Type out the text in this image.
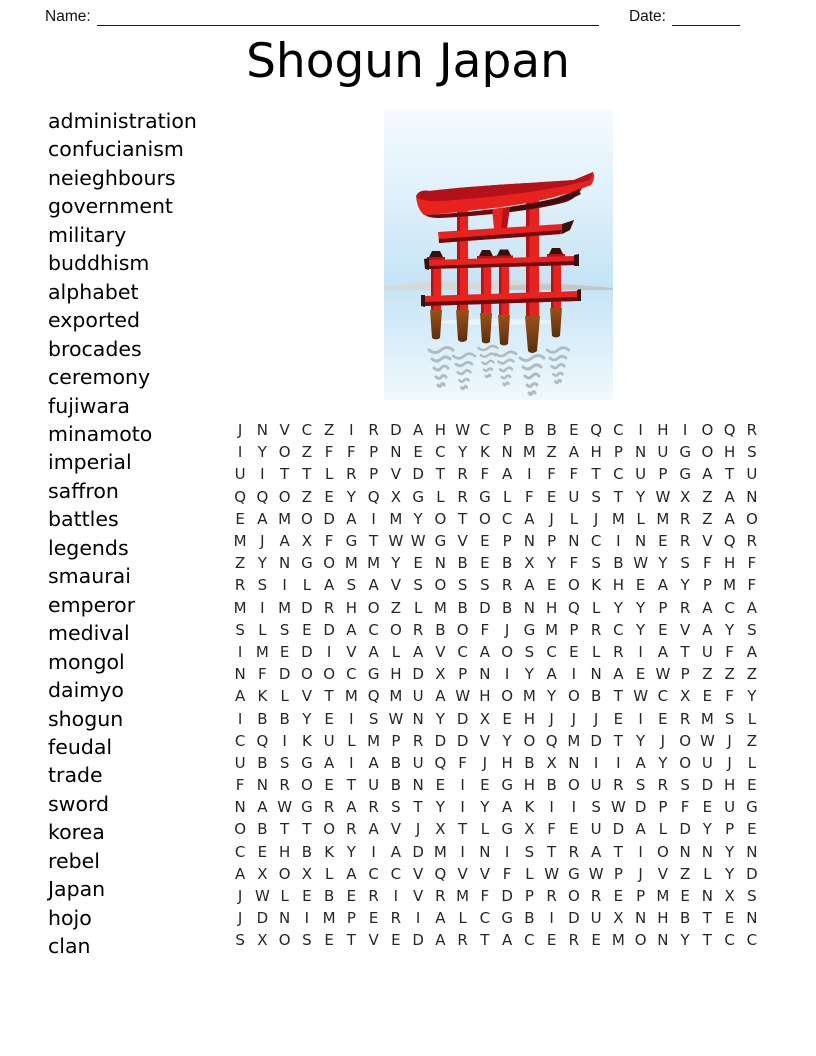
Name:	Date:
Shogun Japan
administration
confucianism
neieghbours
government
military
buddhism
alphabet
exported
brocades
ceremony
fujiwara
minamoto
imperial
saffron
battles
legends
smaurai
emperor
medival
mongol
daimyo
shogun
feudal
trade
sword
korea
rebel
Japan
hojo
clan
J N V C Z I R D A H W C P B B E Q C I H I O Q R
I	Y O Z F F P N E C Y K N M Z A H P N U G O H S
U I	T T L R P V D T R F A I	F F T C U P G A T U
Q Q O Z E Y Q X G L R G L F E U S T Y W X Z A N
E A M O D A I M Y O T O C A J	L	J M L M R Z A O
M J A X F G T W W G V E P N P N C I N E R V Q R
Z Y N G O M M Y E N B E B X Y F S B W Y S F H F
R S	I	L A S A V S O S S R A E O K H E A Y P M F
M I M D R H O Z L M B D B N H Q L Y Y P R A C A
S L S E D A C O R B O F	J G M P R C Y E V A Y S
I M E D I V A L A V C A O S C E L R I A T U F A
N F D O O C G H D X P N I	Y A I N A E W P Z Z Z
A K L V T M Q M U A W H O M Y O B T W C X E F Y
I B B Y E	I	S W N Y D X E H J	J	J	E	I	E R M S L
C Q I	K U L M P R D D V Y O Q M D T Y	J O W J Z
U B S G A I A B U Q F	J H B X N I	I A Y O U J	L
F N R O E T U B N E	I	E G H B O U R S R S D H E
N A W G R A R S T Y	I	Y A K	I	I	S W D P F E U G
O B T T O R A V J X T L G X F E U D A L D Y P E
C E H B K Y	I A D M I N I	S T R A T	I O N N Y N
A X O X L A C C V Q V V F L W G W P	J V Z L Y D
J W L E B E R I V R M F D P R O R E P M E N X S
J D N I M P E R I A L C G B I D U X N H B T E N
S X O S E T V E D A R T A C E R E M O N Y T C C
